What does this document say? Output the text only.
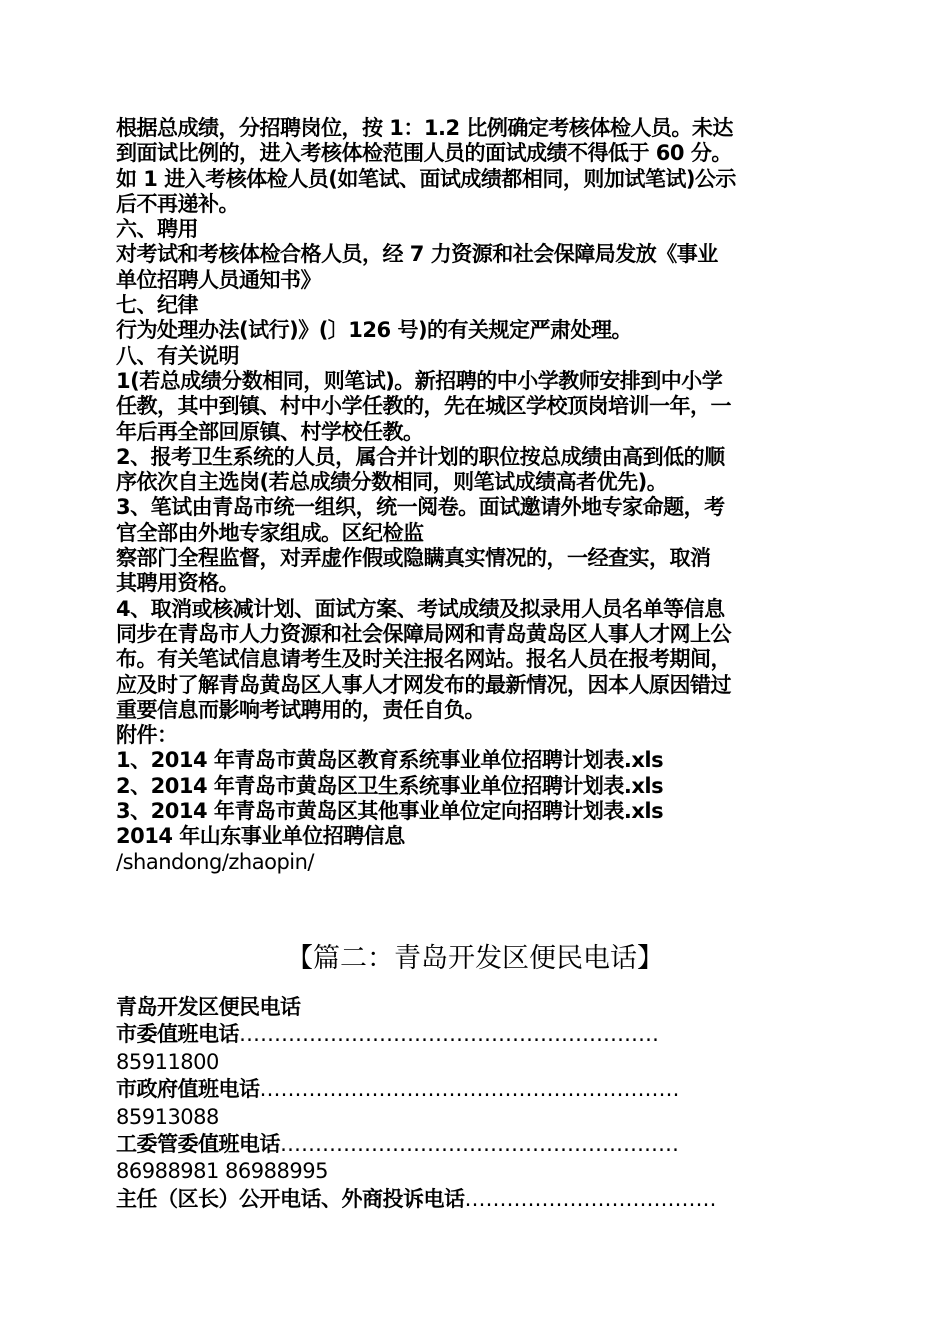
根据总成绩，分招聘岗位，按 1：1.2 比例确定考核体检人员。未达
到面试比例的，进入考核体检范围人员的面试成绩不得低于 60 分。
如 1 进入考核体检人员(如笔试、面试成绩都相同，则加试笔试)公示
后不再递补。
六、聘用
对考试和考核体检合格人员，经 7 力资源和社会保障局发放《事业
单位招聘人员通知书》
七、纪律
行为处理办法(试行)》(〕126 号)的有关规定严肃处理。
八、有关说明
1(若总成绩分数相同，则笔试)。新招聘的中小学教师安排到中小学
任教，其中到镇、村中小学任教的，先在城区学校顶岗培训一年，一
年后再全部回原镇、村学校任教。
2、报考卫生系统的人员，属合并计划的职位按总成绩由高到低的顺
序依次自主选岗(若总成绩分数相同，则笔试成绩高者优先)。
3、笔试由青岛市统一组织，统一阅卷。面试邀请外地专家命题，考
官全部由外地专家组成。区纪检监
察部门全程监督，对弄虚作假或隐瞒真实情况的，一经查实，取消
其聘用资格。
4、取消或核减计划、面试方案、考试成绩及拟录用人员名单等信息
同步在青岛市人力资源和社会保障局网和青岛黄岛区人事人才网上公
布。有关笔试信息请考生及时关注报名网站。报名人员在报考期间，
应及时了解青岛黄岛区人事人才网发布的最新情况，因本人原因错过
重要信息而影响考试聘用的，责任自负。
附件：
1、2014 年青岛市黄岛区教育系统事业单位招聘计划表.xls
2、2014 年青岛市黄岛区卫生系统事业单位招聘计划表.xls
3、2014 年青岛市黄岛区其他事业单位定向招聘计划表.xls
2014 年山东事业单位招聘信息
/shandong/zhaopin/
【篇二：青岛开发区便民电话】
青岛开发区便民电话
市委值班电话……………………………………………………
85911800
市政府值班电话……………………………………………………
85913088
工委管委值班电话…………………………………………………
86988981 86988995
主任（区长）公开电话、外商投诉电话………………………………
